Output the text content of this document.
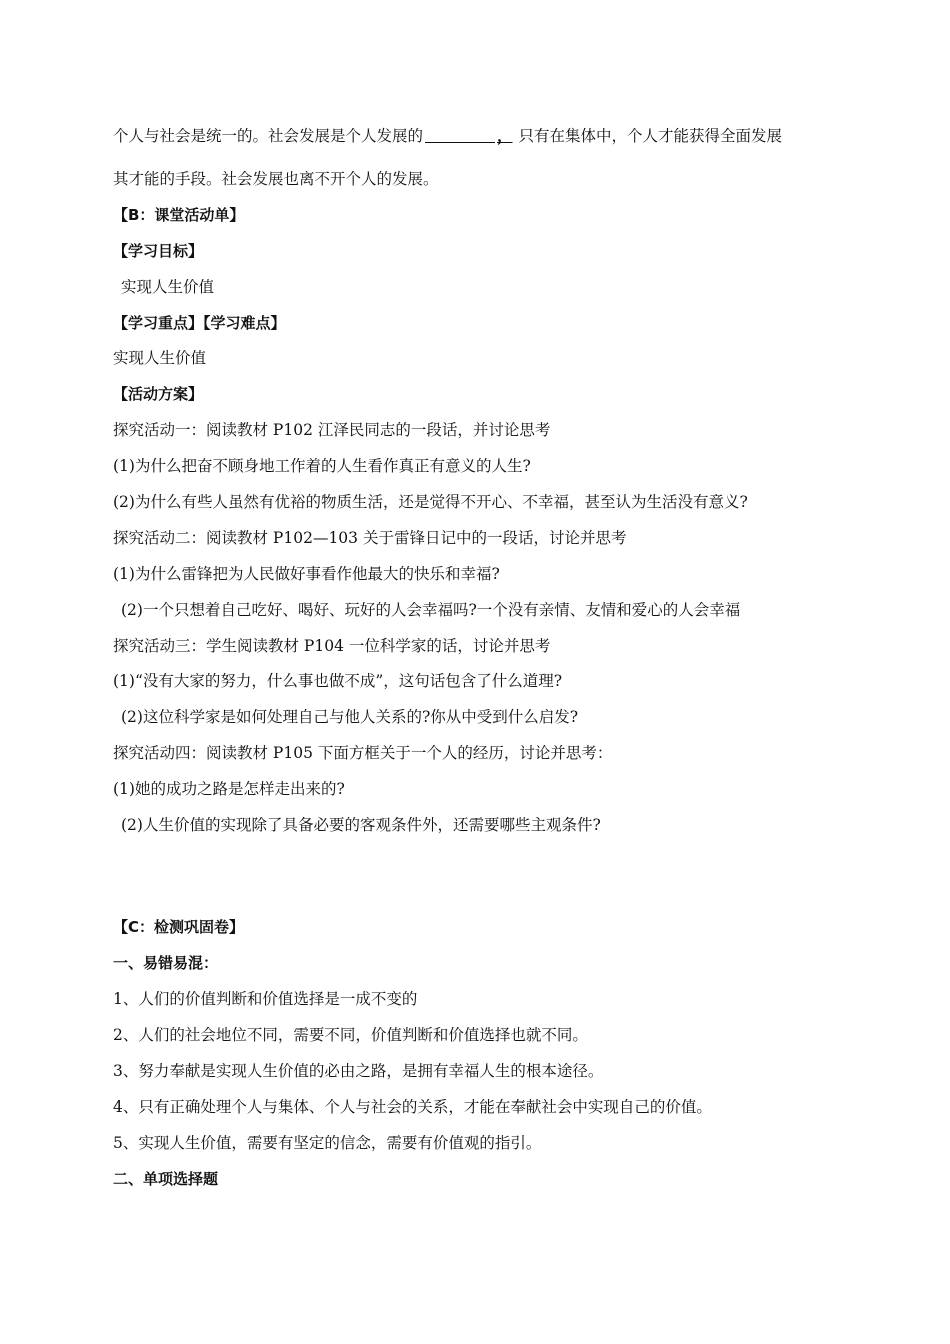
个人与社会是统一的。社会发展是个人发展的	， 只有在集体中，个人才能获得全面发展
其才能的手段。社会发展也离不开个人的发展。
【B：课堂活动单】
【学习目标】
实现人生价值
【学习重点】【学习难点】
实现人生价值
【活动方案】
探究活动一：阅读教材 P102 江泽民同志的一段话，并讨论思考
(1)为什么把奋不顾身地工作着的人生看作真正有意义的人生?
(2)为什么有些人虽然有优裕的物质生活，还是觉得不开心、不幸福，甚至认为生活没有意义?
探究活动二：阅读教材 P102—103 关于雷锋日记中的一段话，讨论并思考
(1)为什么雷锋把为人民做好事看作他最大的快乐和幸福?
(2)一个只想着自己吃好、喝好、玩好的人会幸福吗?一个没有亲情、友情和爱心的人会幸福
探究活动三：学生阅读教材 P104 一位科学家的话，讨论并思考
(1)“没有大家的努力，什么事也做不成”，这句话包含了什么道理?
(2)这位科学家是如何处理自己与他人关系的?你从中受到什么启发?
探究活动四：阅读教材 P105 下面方框关于一个人的经历，讨论并思考：
(1)她的成功之路是怎样走出来的?
(2)人生价值的实现除了具备必要的客观条件外，还需要哪些主观条件?
【C：检测巩固卷】
一、易错易混：
1、人们的价值判断和价值选择是一成不变的
2、人们的社会地位不同，需要不同，价值判断和价值选择也就不同。
3、努力奉献是实现人生价值的必由之路，是拥有幸福人生的根本途径。
4、只有正确处理个人与集体、个人与社会的关系，才能在奉献社会中实现自己的价值。
5、实现人生价值，需要有坚定的信念，需要有价值观的指引。
二、单项选择题
